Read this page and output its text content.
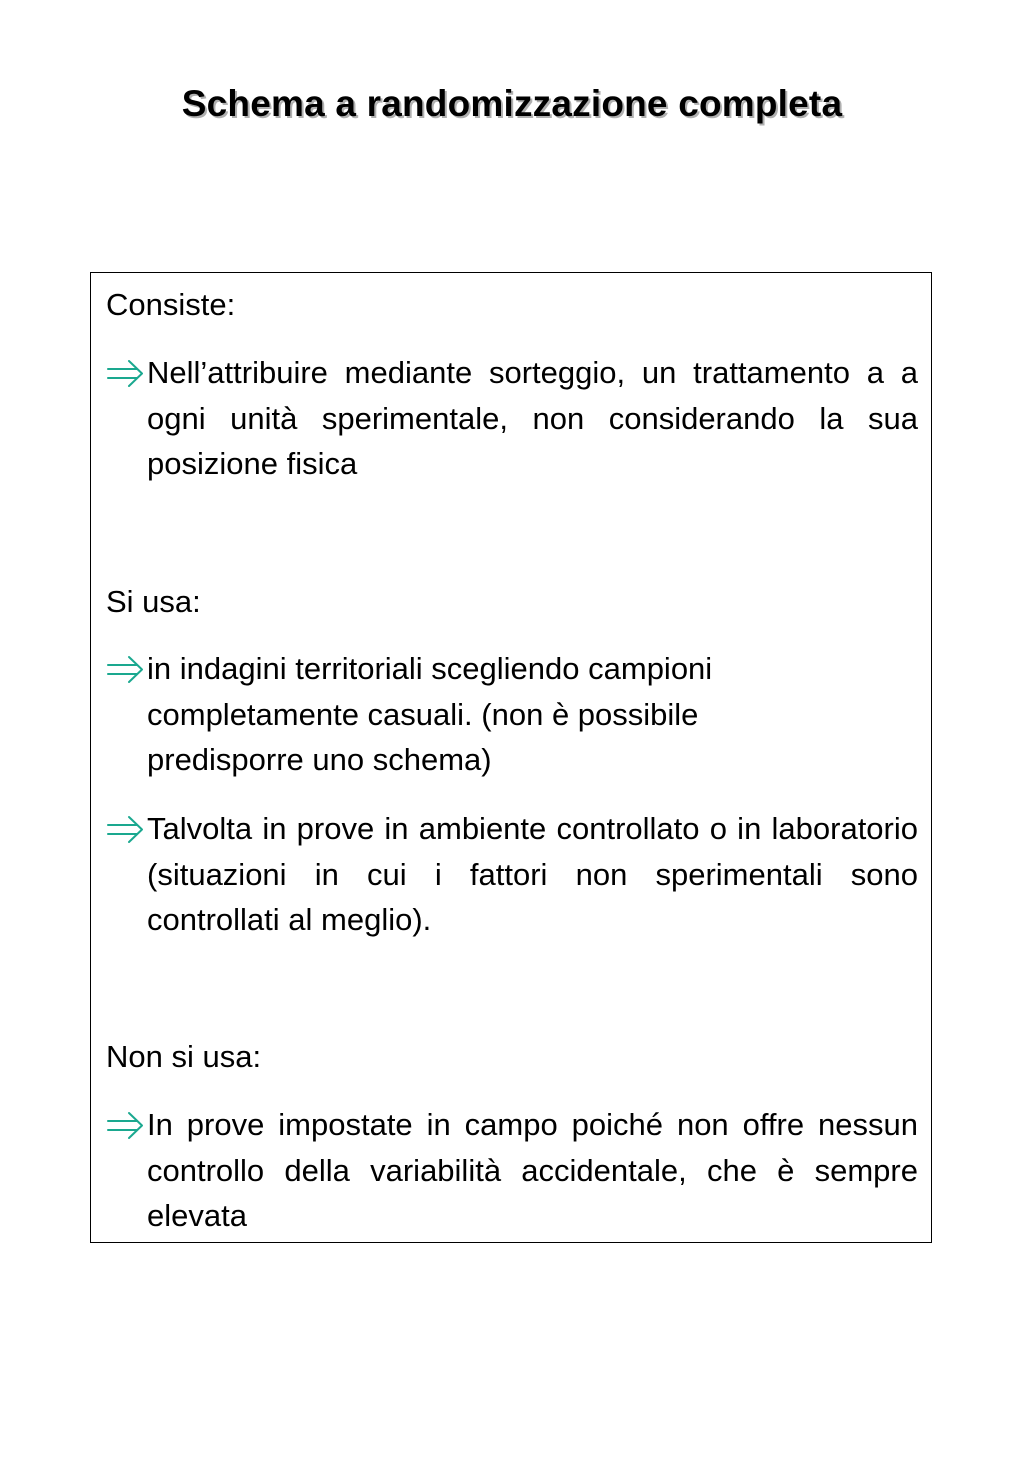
Schema a randomizzazione completa

Consiste:

Nell’attribuire mediante sorteggio, un trattamento a a ogni unità sperimentale, non considerando la sua posizione fisica

Si usa:

in indagini territoriali scegliendo campioni completamente casuali. (non è possibile predisporre uno schema)
Talvolta in prove in ambiente controllato o in laboratorio (situazioni in cui i fattori non sperimentali sono controllati al meglio).

Non si usa:

In prove impostate in campo poiché non offre nessun controllo della variabilità accidentale, che è sempre elevata
